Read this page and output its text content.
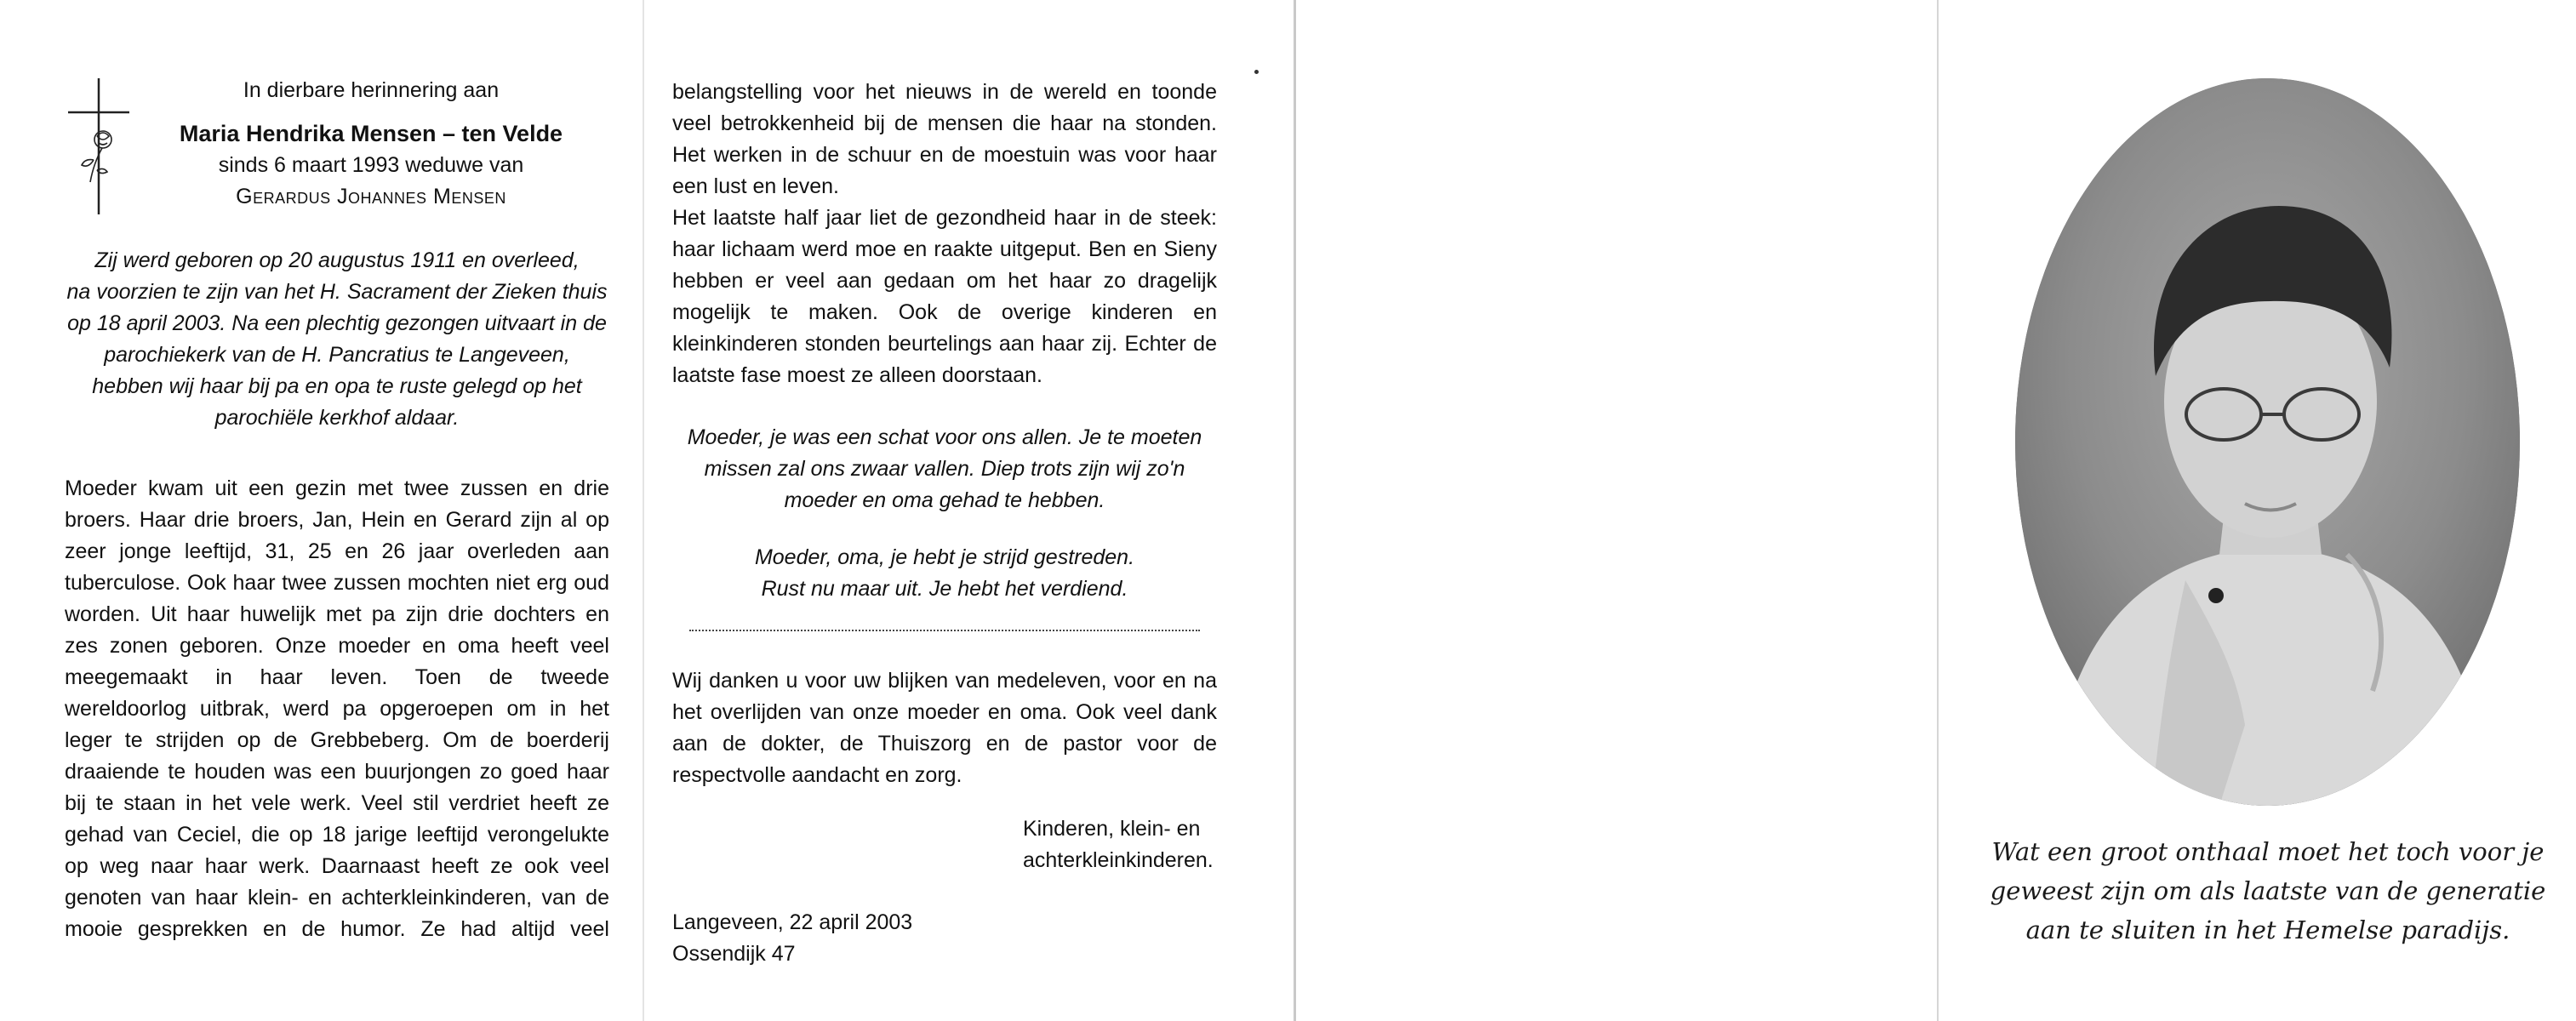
In dierbare herinnering aan
Maria Hendrika Mensen – ten Velde
sinds 6 maart 1993 weduwe van
Gerardus Johannes Mensen
Zij werd geboren op 20 augustus 1911 en overleed,
na voorzien te zijn van het H. Sacrament der Zieken thuis
op 18 april 2003. Na een plechtig gezongen uitvaart in de
parochiekerk van de H. Pancratius te Langeveen,
hebben wij haar bij pa en opa te ruste gelegd op het
parochiële kerkhof aldaar.
Moeder kwam uit een gezin met twee zussen en drie
broers. Haar drie broers, Jan, Hein en Gerard zijn al op
zeer jonge leeftijd, 31, 25 en 26 jaar overleden aan
tuberculose. Ook haar twee zussen mochten niet erg oud
worden. Uit haar huwelijk met pa zijn drie dochters en
zes zonen geboren. Onze moeder en oma heeft veel
meegemaakt in haar leven. Toen de tweede
wereldoorlog uitbrak, werd pa opgeroepen om in het
leger te strijden op de Grebbeberg. Om de boerderij
draaiende te houden was een buurjongen zo goed haar
bij te staan in het vele werk. Veel stil verdriet heeft ze
gehad van Ceciel, die op 18 jarige leeftijd verongelukte
op weg naar haar werk. Daarnaast heeft ze ook veel
genoten van haar klein- en achterkleinkinderen, van de
mooie gesprekken en de humor. Ze had altijd veel
belangstelling voor het nieuws in de wereld en toonde
veel betrokkenheid bij de mensen die haar na stonden.
Het werken in de schuur en de moestuin was voor haar
een lust en leven.
Het laatste half jaar liet de gezondheid haar in de steek:
haar lichaam werd moe en raakte uitgeput. Ben en Sieny
hebben er veel aan gedaan om het haar zo dragelijk
mogelijk te maken. Ook de overige kinderen en
kleinkinderen stonden beurtelings aan haar zij. Echter de
laatste fase moest ze alleen doorstaan.
Moeder, je was een schat voor ons allen. Je te moeten
missen zal ons zwaar vallen. Diep trots zijn wij zo'n
moeder en oma gehad te hebben.
Moeder, oma, je hebt je strijd gestreden.
Rust nu maar uit. Je hebt het verdiend.
Wij danken u voor uw blijken van medeleven, voor en na
het overlijden van onze moeder en oma. Ook veel dank
aan de dokter, de Thuiszorg en de pastor voor de
respectvolle aandacht en zorg.
Kinderen, klein- en
achterkleinkinderen.
Langeveen, 22 april 2003
Ossendijk 47
Wat een groot onthaal moet het toch voor je
geweest zijn om als laatste van de generatie
aan te sluiten in het Hemelse paradijs.
